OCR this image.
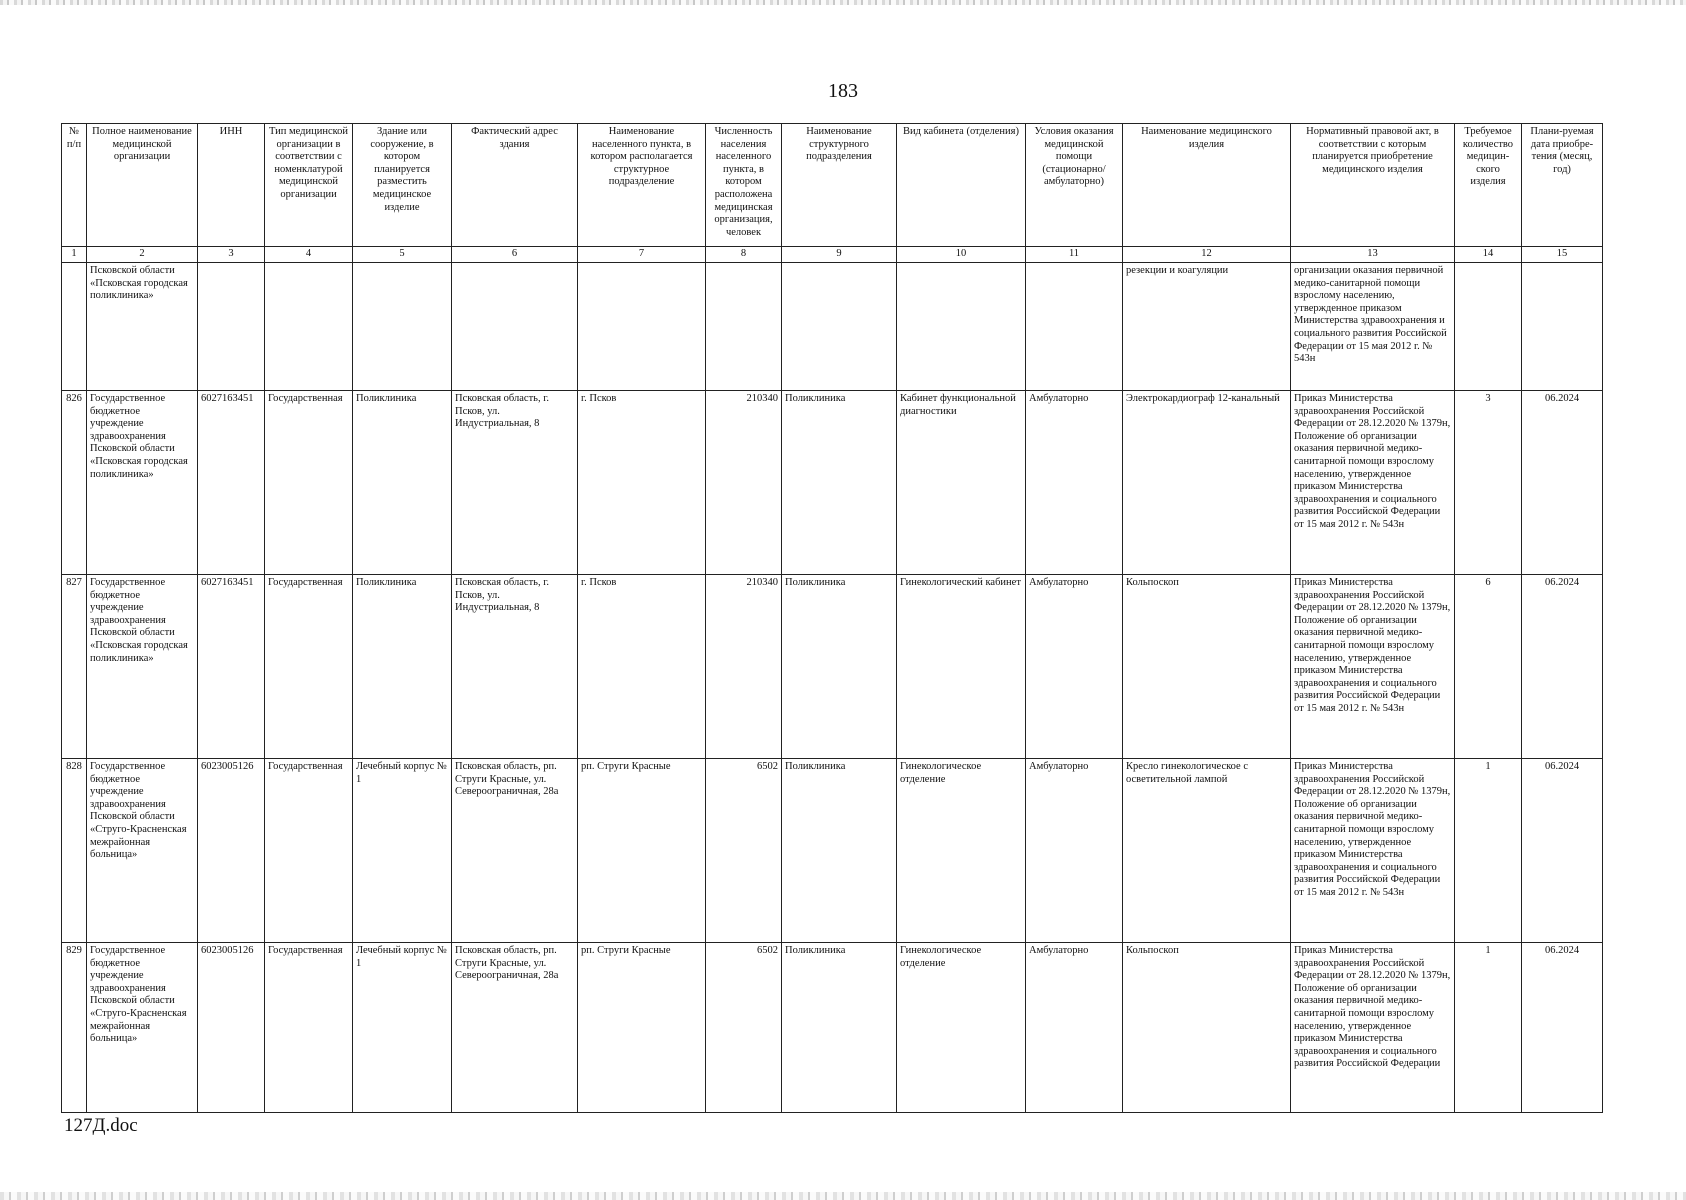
183
№ п/п	Полное наименование медицинской организации	ИНН	Тип медицинской организации в соответствии с номенклатурой медицинской организации	Здание или сооружение, в котором планируется разместить медицинское изделие	Фактический адрес здания	Наименование населенного пункта, в котором располагается структурное подразделение	Численность населения населенного пункта, в котором расположена медицинская организация, человек	Наименование структурного подразделения	Вид кабинета (отделения)	Условия оказания медицинской помощи (стационарно/ амбулаторно)	Наименование медицинского изделия	Нормативный правовой акт, в соответствии с которым планируется приобретение медицинского изделия	Требуемое количество медицин-ского изделия	Плани-руемая дата приобре-тения (месяц, год)
1	2	3	4	5	6	7	8	9	10	11	12	13	14	15
	Псковской области «Псковская городская поликлиника»										резекции и коагуляции	организации оказания первичной медико-санитарной помощи взрослому населению, утвержденное приказом Министерства здравоохранения и социального развития Российской Федерации от 15 мая 2012 г. № 543н		
826	Государственное бюджетное учреждение здравоохранения Псковской области «Псковская городская поликлиника»	6027163451	Государственная	Поликлиника	Псковская область, г. Псков, ул. Индустриальная, 8	г. Псков	210340	Поликлиника	Кабинет функциональной диагностики	Амбулаторно	Электрокардиограф 12-канальный	Приказ Министерства здравоохранения Российской Федерации от 28.12.2020 № 1379н, Положение об организации оказания первичной медико-санитарной помощи взрослому населению, утвержденное приказом Министерства здравоохранения и социального развития Российской Федерации от 15 мая 2012 г. № 543н	3	06.2024
827	Государственное бюджетное учреждение здравоохранения Псковской области «Псковская городская поликлиника»	6027163451	Государственная	Поликлиника	Псковская область, г. Псков, ул. Индустриальная, 8	г. Псков	210340	Поликлиника	Гинекологический кабинет	Амбулаторно	Кольпоскоп	Приказ Министерства здравоохранения Российской Федерации от 28.12.2020 № 1379н, Положение об организации оказания первичной медико-санитарной помощи взрослому населению, утвержденное приказом Министерства здравоохранения и социального развития Российской Федерации от 15 мая 2012 г. № 543н	6	06.2024
828	Государственное бюджетное учреждение здравоохранения Псковской области «Струго-Красненская межрайонная больница»	6023005126	Государственная	Лечебный корпус № 1	Псковская область, рп. Струги Красные, ул. Североограничная, 28а	рп. Струги Красные	6502	Поликлиника	Гинекологическое отделение	Амбулаторно	Кресло гинекологическое с осветительной лампой	Приказ Министерства здравоохранения Российской Федерации от 28.12.2020 № 1379н, Положение об организации оказания первичной медико-санитарной помощи взрослому населению, утвержденное приказом Министерства здравоохранения и социального развития Российской Федерации от 15 мая 2012 г. № 543н	1	06.2024
829	Государственное бюджетное учреждение здравоохранения Псковской области «Струго-Красненская межрайонная больница»	6023005126	Государственная	Лечебный корпус № 1	Псковская область, рп. Струги Красные, ул. Североограничная, 28а	рп. Струги Красные	6502	Поликлиника	Гинекологическое отделение	Амбулаторно	Кольпоскоп	Приказ Министерства здравоохранения Российской Федерации от 28.12.2020 № 1379н, Положение об организации оказания первичной медико-санитарной помощи взрослому населению, утвержденное приказом Министерства здравоохранения и социального развития Российской Федерации	1	06.2024
127Д.doc
